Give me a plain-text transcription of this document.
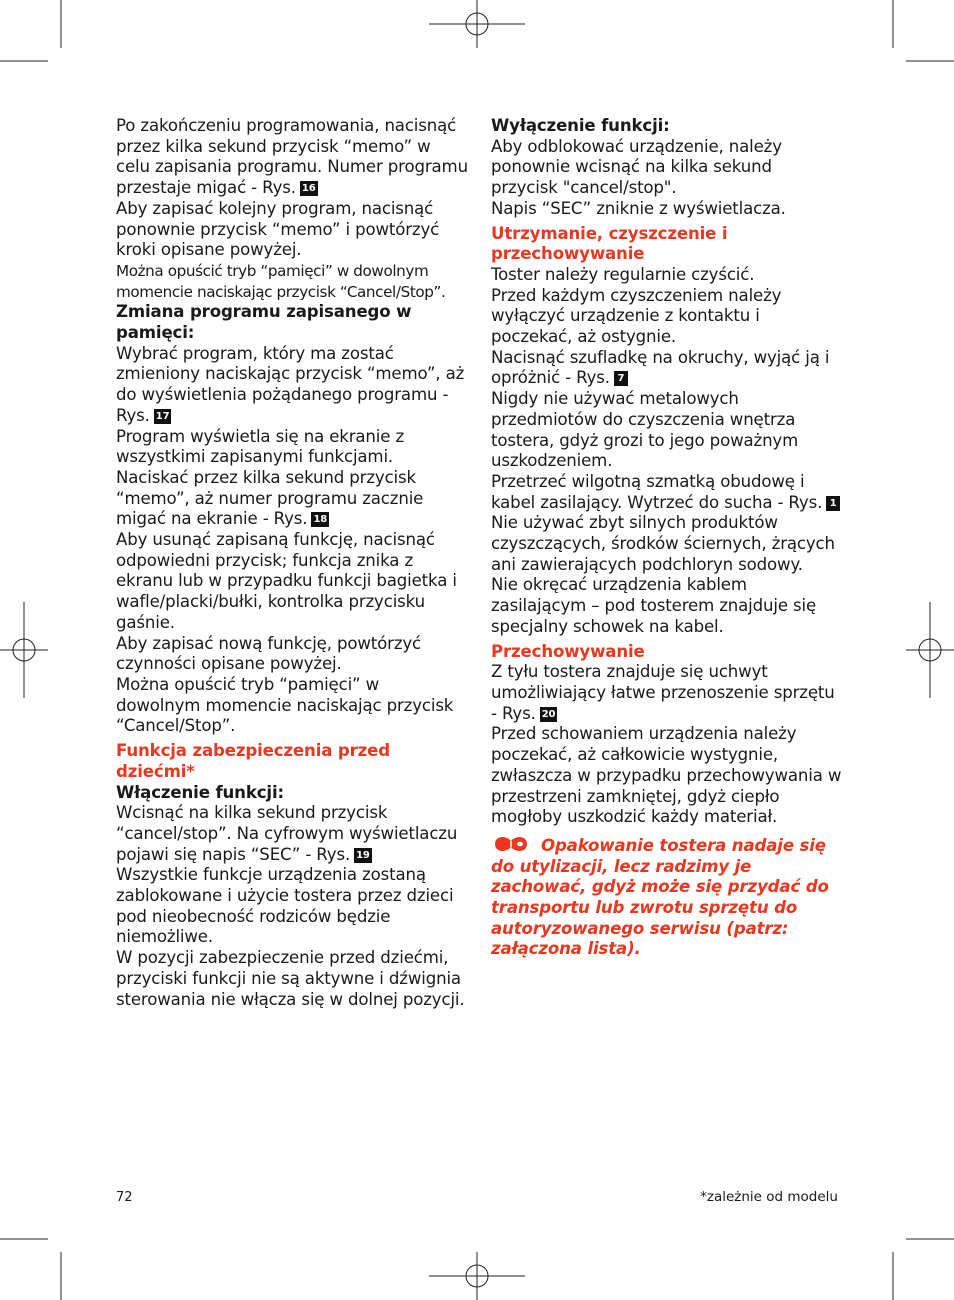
Po zakończeniu programowania, nacisnąć przez kilka sekund przycisk “memo” w celu zapisania programu. Numer programu przestaje migać - Rys. 16

Aby zapisać kolejny program, nacisnąć ponownie przycisk “memo” i powtórzyć kroki opisane powyżej.

Można opuścić tryb “pamięci” w dowolnym momencie naciskając przycisk “Cancel/Stop”.

Zmiana programu zapisanego w pamięci:

Wybrać program, który ma zostać zmieniony naciskając przycisk “memo”, aż do wyświetlenia pożądanego programu - Rys. 17

Program wyświetla się na ekranie z wszystkimi zapisanymi funkcjami.

Naciskać przez kilka sekund przycisk “memo”, aż numer programu zacznie migać na ekranie - Rys. 18

Aby usunąć zapisaną funkcję, nacisnąć odpowiedni przycisk; funkcja znika z ekranu lub w przypadku funkcji bagietka i wafle/placki/bułki, kontrolka przycisku gaśnie.

Aby zapisać nową funkcję, powtórzyć czynności opisane powyżej.

Można opuścić tryb “pamięci” w dowolnym momencie naciskając przycisk “Cancel/Stop”.

Funkcja zabezpieczenia przed dziećmi*

Włączenie funkcji:

Wcisnąć na kilka sekund przycisk “cancel/stop”. Na cyfrowym wyświetlaczu pojawi się napis “SEC” - Rys. 19

Wszystkie funkcje urządzenia zostaną zablokowane i użycie tostera przez dzieci pod nieobecność rodziców będzie niemożliwe.

W pozycji zabezpieczenie przed dziećmi, przyciski funkcji nie są aktywne i dźwignia sterowania nie włącza się w dolnej pozycji.

Wyłączenie funkcji:

Aby odblokować urządzenie, należy ponownie wcisnąć na kilka sekund przycisk "cancel/stop".

Napis “SEC” zniknie z wyświetlacza.

Utrzymanie, czyszczenie i przechowywanie

Toster należy regularnie czyścić.

Przed każdym czyszczeniem należy wyłączyć urządzenie z kontaktu i poczekać, aż ostygnie.

Nacisnąć szufladkę na okruchy, wyjąć ją i opróżnić - Rys. 7

Nigdy nie używać metalowych przedmiotów do czyszczenia wnętrza tostera, gdyż grozi to jego poważnym uszkodzeniem.

Przetrzeć wilgotną szmatką obudowę i kabel zasilający. Wytrzeć do sucha - Rys. 1

Nie używać zbyt silnych produktów czyszczących, środków ściernych, żrących ani zawierających podchloryn sodowy.

Nie okręcać urządzenia kablem zasilającym – pod tosterem znajduje się specjalny schowek na kabel.

Przechowywanie

Z tyłu tostera znajduje się uchwyt umożliwiający łatwe przenoszenie sprzętu - Rys. 20

Przed schowaniem urządzenia należy poczekać, aż całkowicie wystygnie, zwłaszcza w przypadku przechowywania w przestrzeni zamkniętej, gdyż ciepło mogłoby uszkodzić każdy materiał.

Opakowanie tostera nadaje się do utylizacji, lecz radzimy je zachować, gdyż może się przydać do transportu lub zwrotu sprzętu do autoryzowanego serwisu (patrz: załączona lista).

72	*zależnie od modelu
